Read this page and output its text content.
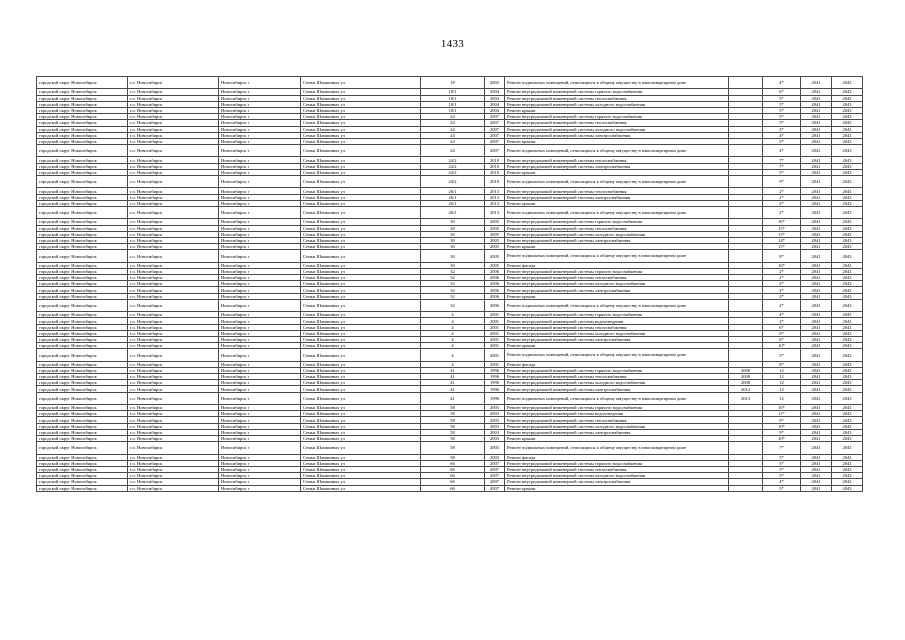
1433
городской округ Новосибирск	г.о. Новосибирск	Новосибирск г	Семьи Шамшиных ул	18	2002	Ремонт подвальных помещений, относящихся к общему имуществу в многоквартирном доме		4*	2041	2043
городской округ Новосибирск	г.о. Новосибирск	Новосибирск г	Семьи Шамшиных ул	18/1	2004	Ремонт внутридомовой инженерной системы горячего водоснабжения		6*	2041	2043
городской округ Новосибирск	г.о. Новосибирск	Новосибирск г	Семьи Шамшиных ул	18/1	2004	Ремонт внутридомовой инженерной системы теплоснабжения		5*	2041	2043
городской округ Новосибирск	г.о. Новосибирск	Новосибирск г	Семьи Шамшиных ул	18/1	2004	Ремонт внутридомовой инженерной системы холодного водоснабжения		5*	2041	2043
городской округ Новосибирск	г.о. Новосибирск	Новосибирск г	Семьи Шамшиных ул	18/1	2004	Ремонт крыши		5*	2041	2043
городской округ Новосибирск	г.о. Новосибирск	Новосибирск г	Семьи Шамшиных ул	24	2007	Ремонт внутридомовой инженерной системы горячего водоснабжения		5*	2041	2043
городской округ Новосибирск	г.о. Новосибирск	Новосибирск г	Семьи Шамшиных ул	24	2007	Ремонт внутридомовой инженерной системы теплоснабжения		5*	2041	2043
городской округ Новосибирск	г.о. Новосибирск	Новосибирск г	Семьи Шамшиных ул	24	2007	Ремонт внутридомовой инженерной системы холодного водоснабжения		5*	2041	2043
городской округ Новосибирск	г.о. Новосибирск	Новосибирск г	Семьи Шамшиных ул	24	2007	Ремонт внутридомовой инженерной системы электроснабжения		4*	2041	2043
городской округ Новосибирск	г.о. Новосибирск	Новосибирск г	Семьи Шамшиных ул	24	2007	Ремонт крыши		5*	2041	2043
городской округ Новосибирск	г.о. Новосибирск	Новосибирск г	Семьи Шамшиных ул	24	2007	Ремонт подвальных помещений, относящихся к общему имуществу в многоквартирном доме		4*	2041	2043
городской округ Новосибирск	г.о. Новосибирск	Новосибирск г	Семьи Шамшиных ул	24/2	2010	Ремонт внутридомовой инженерной системы теплоснабжения		7*	2041	2043
городской округ Новосибирск	г.о. Новосибирск	Новосибирск г	Семьи Шамшиных ул	24/2	2010	Ремонт внутридомовой инженерной системы электроснабжения		7*	2041	2043
городской округ Новосибирск	г.о. Новосибирск	Новосибирск г	Семьи Шамшиных ул	24/2	2010	Ремонт крыши		5*	2041	2043
городской округ Новосибирск	г.о. Новосибирск	Новосибирск г	Семьи Шамшиных ул	24/2	2010	Ремонт подвальных помещений, относящихся к общему имуществу в многоквартирном доме		9*	2041	2043
городской округ Новосибирск	г.о. Новосибирск	Новосибирск г	Семьи Шамшиных ул	26/1	2013	Ремонт внутридомовой инженерной системы теплоснабжения		2*	2041	2043
городской округ Новосибирск	г.о. Новосибирск	Новосибирск г	Семьи Шамшиных ул	26/1	2013	Ремонт внутридомовой инженерной системы электроснабжения		2*	2041	2043
городской округ Новосибирск	г.о. Новосибирск	Новосибирск г	Семьи Шамшиных ул	26/1	2013	Ремонт крыши		2*	2041	2043
городской округ Новосибирск	г.о. Новосибирск	Новосибирск г	Семьи Шамшиных ул	26/1	2013	Ремонт подвальных помещений, относящихся к общему имуществу в многоквартирном доме		2*	2041	2043
городской округ Новосибирск	г.о. Новосибирск	Новосибирск г	Семьи Шамшиных ул	30	2005	Ремонт внутридомовой инженерной системы горячего водоснабжения		16*	2041	2043
городской округ Новосибирск	г.о. Новосибирск	Новосибирск г	Семьи Шамшиных ул	30	2005	Ремонт внутридомовой инженерной системы теплоснабжения		15*	2041	2043
городской округ Новосибирск	г.о. Новосибирск	Новосибирск г	Семьи Шамшиных ул	30	2005	Ремонт внутридомовой инженерной системы холодного водоснабжения		15*	2041	2043
городской округ Новосибирск	г.о. Новосибирск	Новосибирск г	Семьи Шамшиных ул	30	2005	Ремонт внутридомовой инженерной системы электроснабжения		14*	2041	2043
городской округ Новосибирск	г.о. Новосибирск	Новосибирск г	Семьи Шамшиных ул	30	2005	Ремонт крыши		15*	2041	2043
городской округ Новосибирск	г.о. Новосибирск	Новосибирск г	Семьи Шамшиных ул	30	2005	Ремонт подвальных помещений, относящихся к общему имуществу в многоквартирном доме		8*	2041	2043
городской округ Новосибирск	г.о. Новосибирск	Новосибирск г	Семьи Шамшиных ул	30	2005	Ремонт фасада		16*	2041	2043
городской округ Новосибирск	г.о. Новосибирск	Новосибирск г	Семьи Шамшиных ул	32	2006	Ремонт внутридомовой инженерной системы горячего водоснабжения		2*	2041	2043
городской округ Новосибирск	г.о. Новосибирск	Новосибирск г	Семьи Шамшиных ул	32	2006	Ремонт внутридомовой инженерной системы теплоснабжения		2*	2041	2043
городской округ Новосибирск	г.о. Новосибирск	Новосибирск г	Семьи Шамшиных ул	32	2006	Ремонт внутридомовой инженерной системы холодного водоснабжения		2*	2041	2043
городской округ Новосибирск	г.о. Новосибирск	Новосибирск г	Семьи Шамшиных ул	32	2006	Ремонт внутридомовой инженерной системы электроснабжения		2*	2041	2043
городской округ Новосибирск	г.о. Новосибирск	Новосибирск г	Семьи Шамшиных ул	32	2006	Ремонт крыши		2*	2041	2043
городской округ Новосибирск	г.о. Новосибирск	Новосибирск г	Семьи Шамшиных ул	32	2006	Ремонт подвальных помещений, относящихся к общему имуществу в многоквартирном доме		2*	2041	2043
городской округ Новосибирск	г.о. Новосибирск	Новосибирск г	Семьи Шамшиных ул	4	2001	Ремонт внутридомовой инженерной системы горячего водоснабжения		4*	2041	2043
городской округ Новосибирск	г.о. Новосибирск	Новосибирск г	Семьи Шамшиных ул	4	2001	Ремонт внутридомовой инженерной системы водоотведения		2*	2041	2043
городской округ Новосибирск	г.о. Новосибирск	Новосибирск г	Семьи Шамшиных ул	4	2001	Ремонт внутридомовой инженерной системы теплоснабжения		6*	2041	2043
городской округ Новосибирск	г.о. Новосибирск	Новосибирск г	Семьи Шамшиных ул	4	2001	Ремонт внутридомовой инженерной системы холодного водоснабжения		6*	2041	2043
городской округ Новосибирск	г.о. Новосибирск	Новосибирск г	Семьи Шамшиных ул	4	2001	Ремонт внутридомовой инженерной системы электроснабжения		6*	2041	2043
городской округ Новосибирск	г.о. Новосибирск	Новосибирск г	Семьи Шамшиных ул	4	2001	Ремонт крыши		10*	2041	2043
городской округ Новосибирск	г.о. Новосибирск	Новосибирск г	Семьи Шамшиных ул	4	2001	Ремонт подвальных помещений, относящихся к общему имуществу в многоквартирном доме		5*	2041	2043
городской округ Новосибирск	г.о. Новосибирск	Новосибирск г	Семьи Шамшиных ул	4	2001	Ремонт фасада		8*	2041	2043
городской округ Новосибирск	г.о. Новосибирск	Новосибирск г	Семьи Шамшиных ул	41	1996	Ремонт внутридомовой инженерной системы горячего водоснабжения	2008	12	2041	2043
городской округ Новосибирск	г.о. Новосибирск	Новосибирск г	Семьи Шамшиных ул	41	1996	Ремонт внутридомовой инженерной системы теплоснабжения	2008	12	2041	2043
городской округ Новосибирск	г.о. Новосибирск	Новосибирск г	Семьи Шамшиных ул	41	1996	Ремонт внутридомовой инженерной системы холодного водоснабжения	2008	12	2041	2043
городской округ Новосибирск	г.о. Новосибирск	Новосибирск г	Семьи Шамшиных ул	41	1996	Ремонт внутридомовой инженерной системы электроснабжения	2012	12	2041	2043
городской округ Новосибирск	г.о. Новосибирск	Новосибирск г	Семьи Шамшиных ул	41	1996	Ремонт подвальных помещений, относящихся к общему имуществу в многоквартирном доме	2013	12	2041	2043
городской округ Новосибирск	г.о. Новосибирск	Новосибирск г	Семьи Шамшиных ул	58	2003	Ремонт внутридомовой инженерной системы горячего водоснабжения		10*	2041	2043
городской округ Новосибирск	г.о. Новосибирск	Новосибирск г	Семьи Шамшиных ул	58	2003	Ремонт внутридомовой инженерной системы водоотведения		11*	2041	2043
городской округ Новосибирск	г.о. Новосибирск	Новосибирск г	Семьи Шамшиных ул	58	2003	Ремонт внутридомовой инженерной системы теплоснабжения		9*	2041	2043
городской округ Новосибирск	г.о. Новосибирск	Новосибирск г	Семьи Шамшиных ул	58	2003	Ремонт внутридомовой инженерной системы холодного водоснабжения		10*	2041	2043
городской округ Новосибирск	г.о. Новосибирск	Новосибирск г	Семьи Шамшиных ул	58	2003	Ремонт внутридомовой инженерной системы электроснабжения		9*	2041	2043
городской округ Новосибирск	г.о. Новосибирск	Новосибирск г	Семьи Шамшиных ул	58	2003	Ремонт крыши		10*	2041	2043
городской округ Новосибирск	г.о. Новосибирск	Новосибирск г	Семьи Шамшиных ул	58	2003	Ремонт подвальных помещений, относящихся к общему имуществу в многоквартирном доме		7*	2041	2043
городской округ Новосибирск	г.о. Новосибирск	Новосибирск г	Семьи Шамшиных ул	58	2003	Ремонт фасада		5*	2041	2043
городской округ Новосибирск	г.о. Новосибирск	Новосибирск г	Семьи Шамшиных ул	66	2007	Ремонт внутридомовой инженерной системы горячего водоснабжения		5*	2041	2043
городской округ Новосибирск	г.о. Новосибирск	Новосибирск г	Семьи Шамшиных ул	66	2007	Ремонт внутридомовой инженерной системы теплоснабжения		5*	2041	2043
городской округ Новосибирск	г.о. Новосибирск	Новосибирск г	Семьи Шамшиных ул	66	2007	Ремонт внутридомовой инженерной системы холодного водоснабжения		5*	2041	2043
городской округ Новосибирск	г.о. Новосибирск	Новосибирск г	Семьи Шамшиных ул	66	2007	Ремонт внутридомовой инженерной системы электроснабжения		4*	2041	2043
городской округ Новосибирск	г.о. Новосибирск	Новосибирск г	Семьи Шамшиных ул	66	2007	Ремонт крыши		5*	2041	2043
